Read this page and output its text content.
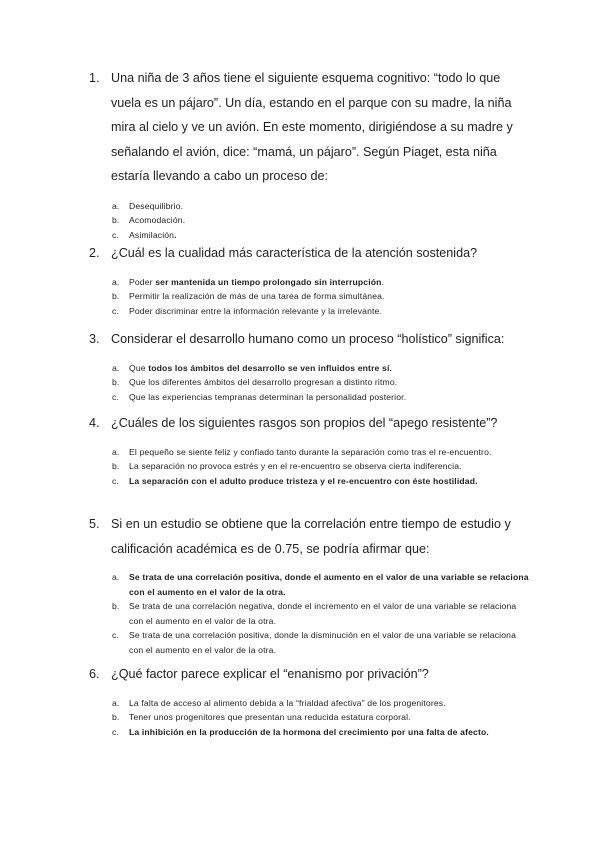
1. Una niña de 3 años tiene el siguiente esquema cognitivo: “todo lo que vuela es un pájaro”. Un día, estando en el parque con su madre, la niña mira al cielo y ve un avión. En este momento, dirigiéndose a su madre y señalando el avión, dice: “mamá, un pájaro”. Según Piaget, esta niña estaría llevando a cabo un proceso de:
a.	Desequilibrio.
b.	Acomodación.
c.	Asimilación.
2. ¿Cuál es la cualidad más característica de la atención sostenida?
a.	Poder ser mantenida un tiempo prolongado sin interrupción.
b.	Permitir la realización de más de una tarea de forma simultánea.
c.	Poder discriminar entre la información relevante y la irrelevante.
3. Considerar el desarrollo humano como un proceso “holístico” significa:
a.	Que todos los ámbitos del desarrollo se ven influidos entre sí.
b.	Que los diferentes ámbitos del desarrollo progresan a distinto ritmo.
c.	Que las experiencias tempranas determinan la personalidad posterior.
4. ¿Cuáles de los siguientes rasgos son propios del “apego resistente”?
a.	El pequeño se siente feliz y confiado tanto durante la separación como tras el re-encuentro.
b.	La separación no provoca estrés y en el re-encuentro se observa cierta indiferencia.
c.	La separación con el adulto produce tristeza y el re-encuentro con éste hostilidad.
5. Si en un estudio se obtiene que la correlación entre tiempo de estudio y calificación académica es de 0.75, se podría afirmar que:
a.	Se trata de una correlación positiva, donde el aumento en el valor de una variable se relaciona con el aumento en el valor de la otra.
b.	Se trata de una correlación negativa, donde el incremento en el valor de una variable se relaciona con el aumento en el valor de la otra.
c.	Se trata de una correlación positiva, donde la disminución en el valor de una variable se relaciona con el aumento en el valor de la otra.
6. ¿Qué factor parece explicar el “enanismo por privación”?
a.	La falta de acceso al alimento debida a la “frialdad afectiva” de los progenitores.
b.	Tener unos progenitores que presentan una reducida estatura corporal.
c.	La inhibición en la producción de la hormona del crecimiento por una falta de afecto.
